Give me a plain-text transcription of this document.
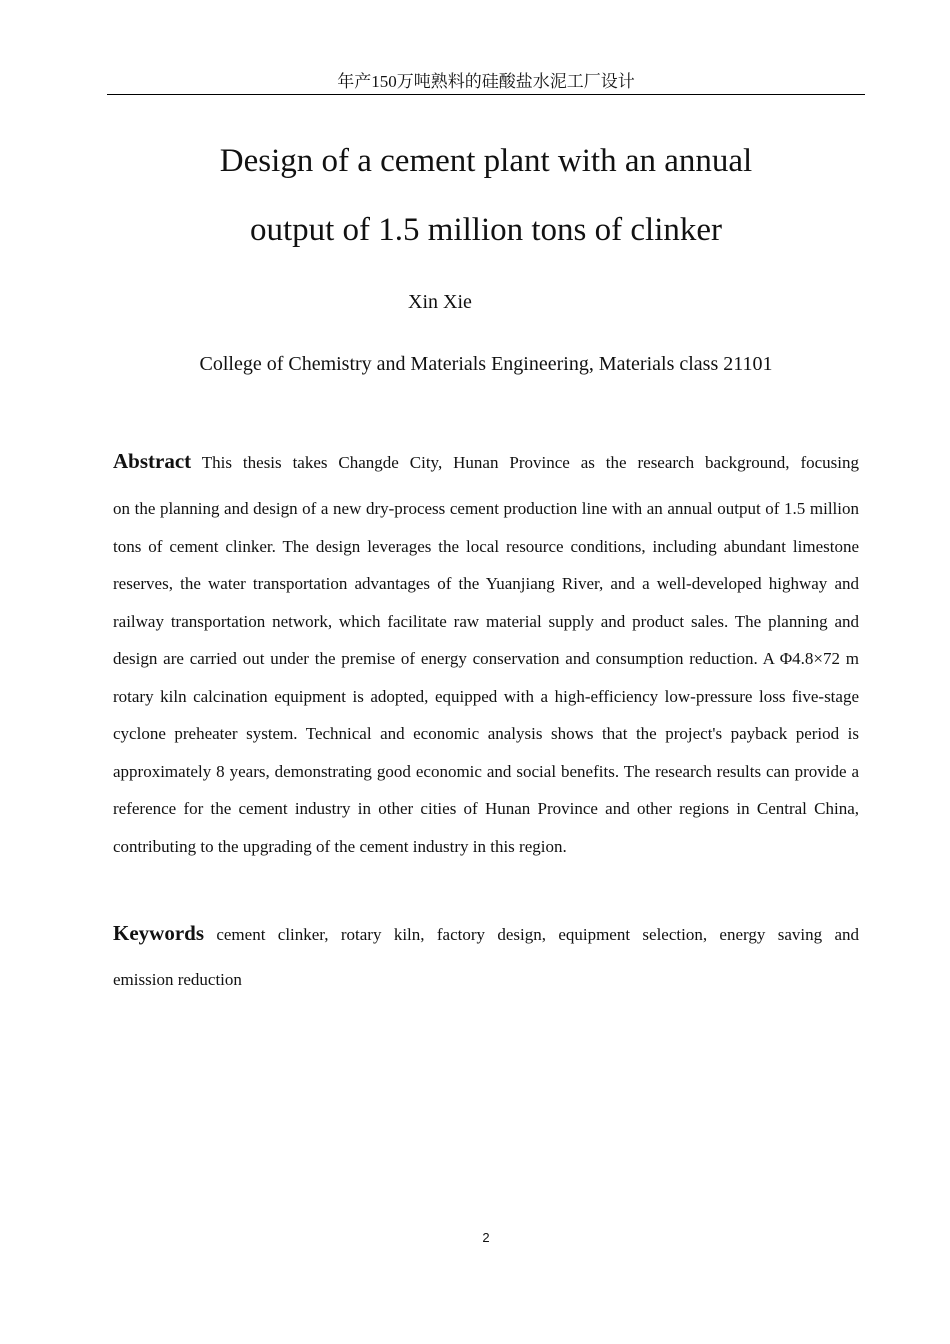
年产150万吨熟料的硅酸盐水泥工厂设计
Design of a cement plant with an annual
output of 1.5 million tons of clinker
Xin Xie
College of Chemistry and Materials Engineering, Materials class 21101
Abstract This thesis takes Changde City, Hunan Province as the research background, focusing
on the planning and design of a new dry-process cement production line with an annual output of 1.5 million tons of cement clinker. The design leverages the local resource conditions, including abundant limestone reserves, the water transportation advantages of the Yuanjiang River, and a well-developed highway and railway transportation network, which facilitate raw material supply and product sales. The planning and design are carried out under the premise of energy conservation and consumption reduction. A Φ4.8×72 m rotary kiln calcination equipment is adopted, equipped with a high-efficiency low-pressure loss five-stage cyclone preheater system. Technical and economic analysis shows that the project's payback period is approximately 8 years, demonstrating good economic and social benefits. The research results can provide a reference for the cement industry in other cities of Hunan Province and other regions in Central China, contributing to the upgrading of the cement industry in this region.
Keywords cement clinker, rotary kiln, factory design, equipment selection, energy saving and
emission reduction
2
